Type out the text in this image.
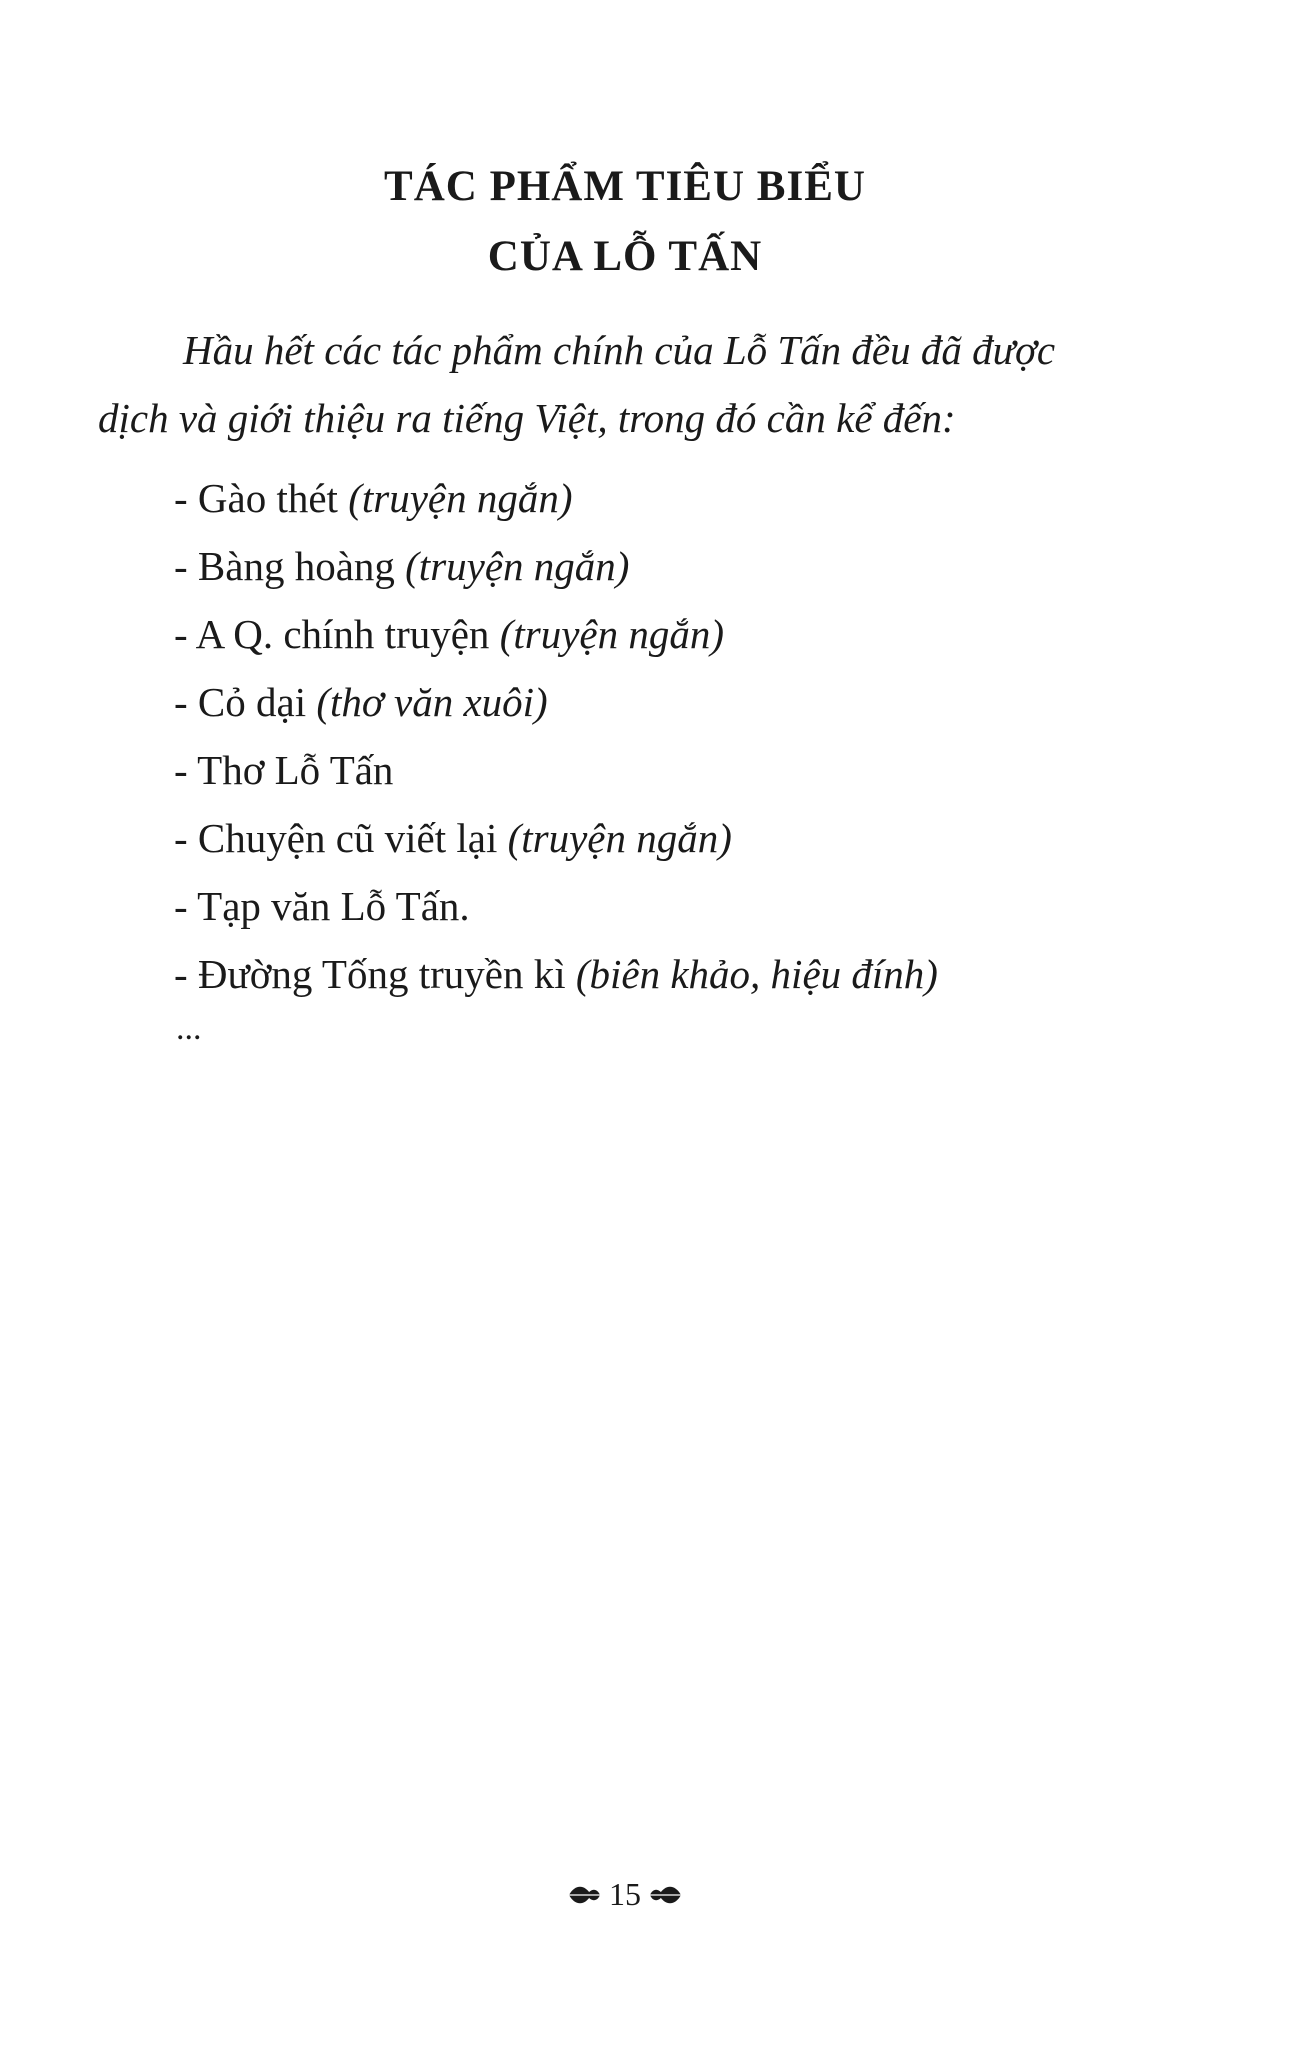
TÁC PHẨM TIÊU BIỂU
CỦA LỖ TẤN

Hầu hết các tác phẩm chính của Lỗ Tấn đều đã được

dịch và giới thiệu ra tiếng Việt, trong đó cần kể đến:

- Gào thét (truyện ngắn)
- Bàng hoàng (truyện ngắn)
- A Q. chính truyện (truyện ngắn)
- Cỏ dại (thơ văn xuôi)
- Thơ Lỗ Tấn
- Chuyện cũ viết lại (truyện ngắn)
- Tạp văn Lỗ Tấn.
- Đường Tống truyền kì (biên khảo, hiệu đính)

...

15
